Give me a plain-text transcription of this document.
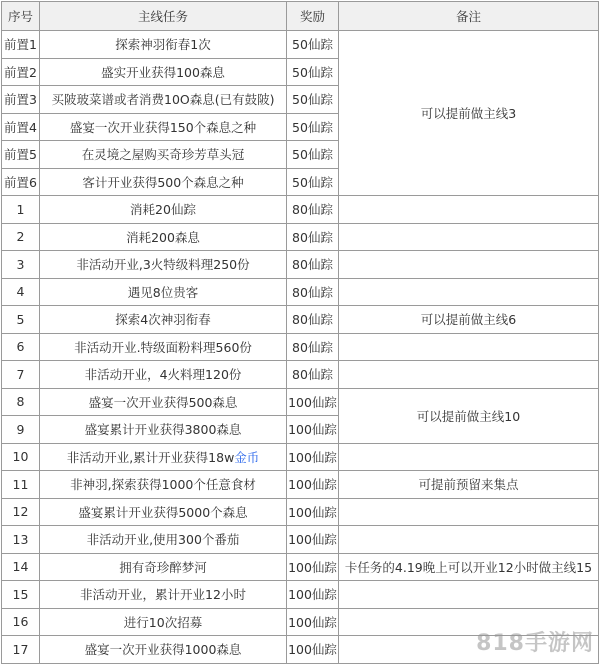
序号	主线任务	奖励	备注
前置1	探索神羽衔春1次	50仙踪	可以提前做主线3
前置2	盛实开业获得100森息	50仙踪	
前置3	买陂玻菜谱或者消费10O森息(已有鼓陂)	50仙踪	
前置4	盛宴一次开业获得150个森息之种	50仙踪	
前置5	在灵境之屋购买奇珍芳草头冠	50仙踪	
前置6	客计开业获得500个森息之种	50仙踪	
1	消耗20仙踪	80仙踪	
2	消耗200森息	80仙踪	
3	非活动开业,3火特级料理250份	80仙踪	
4	遇见8位贵客	80仙踪	
5	探索4次神羽衔春	80仙踪	可以提前做主线6
6	非活动开业.特级面粉料理560份	80仙踪	
7	非活动开业，4火料理120份	80仙踪	
8	盛宴一次开业获得500森息	100仙踪	可以提前做主线10
9	盛宴累计开业获得3800森息	100仙踪	
10	非活动开业,累计开业获得18w金币	100仙踪	
11	非神羽,探索获得1000个任意食材	100仙踪	可提前预留来集点
12	盛宴累计开业获得5000个森息	100仙踪	
13	非活动开业,使用300个番茄	100仙踪	
14	拥有奇珍醉梦河	100仙踪	卡任务的4.19晚上可以开业12小时做主线15
15	非活动开业，累计开业12小时	100仙踪	
16	进行10次招募	100仙踪	
17	盛宴一次开业获得1000森息	100仙踪		818手游网
